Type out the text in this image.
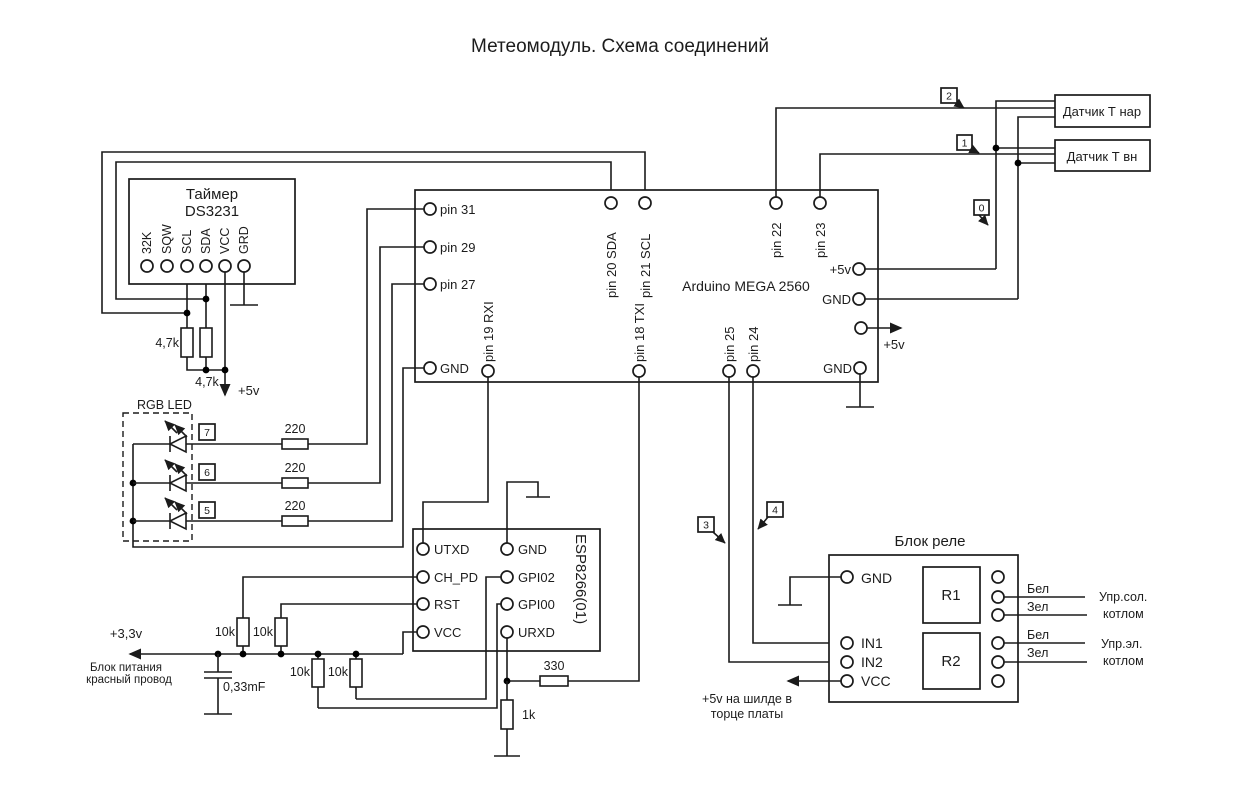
Метеомодуль. Схема соединений
Таймер
DS3231
32K SQW SCL SDA VCC GRD
4,7k
4,7k
+5v
Arduino MEGA 2560
pin 31
pin 29
pin 27
GND
pin 20 SDA pin 21 SCL	pin 22 pin 23
pin 19 RXI	pin 18 TXI	pin 25 pin 24
+5v
GND
GND
+5v
Датчик Т нар
Датчик Т вн
2
1
0
3
4
RGB LED
7	220
6	220
5	220
ESP8266(01)
UTXD
CH_PD
RST
VCC
GND
GPI02
GPI00
URXD
10k 10k
10k
10k	330
1k
+3,3v
Блок питания
красный провод	0,33mF
Блок реле
GND
IN1
IN2
VCC
R1
R2
+5v на шилде в
торце платы
Бел
Зел
Бел
Зел
Упр.сол.
котлом
Упр.эл.
котлом
